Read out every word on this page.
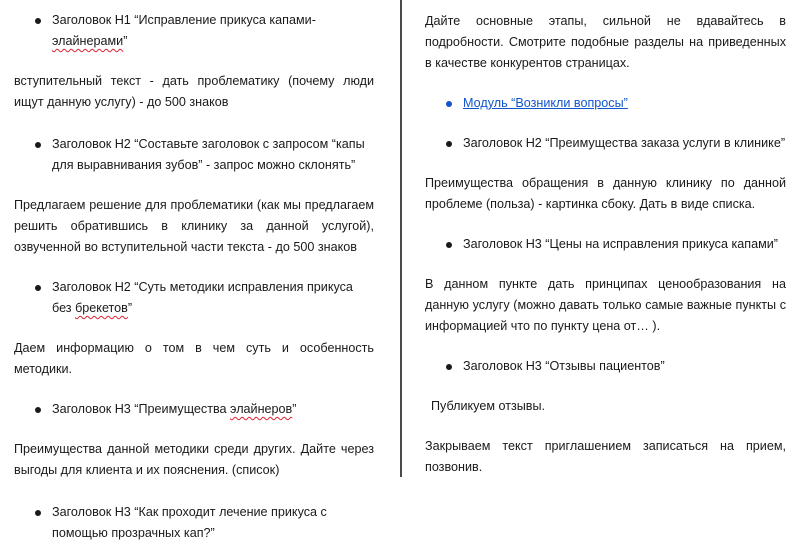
Заголовок H1 “Исправление прикуса капами-элайнерами”

вступительный текст - дать проблематику (почему люди ищут данную услугу) - до 500 знаков

Заголовок H2 “Составьте заголовок с запросом “капы для выравнивания зубов” - запрос можно склонять”

Предлагаем решение для проблематики (как мы предлагаем решить обратившись в клинику за данной услугой), озвученной во вступительной части текста - до 500 знаков

Заголовок H2 “Суть методики исправления прикуса без брекетов”

Даем информацию о том в чем суть и особенность методики.

Заголовок H3 “Преимущества элайнеров”

Преимущества данной методики среди других. Дайте через выгоды для клиента и их пояснения. (список)

Заголовок H3 “Как проходит лечение прикуса с помощью прозрачных кап?”

Дайте основные этапы, сильной не вдавайтесь в подробности. Смотрите подобные разделы на приведенных в качестве конкурентов страницах.

Модуль “Возникли вопросы”
Заголовок H2 “Преимущества заказа услуги в клинике”

Преимущества обращения в данную клинику по данной проблеме (польза) - картинка сбоку. Дать в виде списка.

Заголовок H3 “Цены на исправления прикуса капами”

В данном пункте дать принципах ценообразования на данную услугу (можно давать только самые важные пункты с информацией что по пункту цена от… ).

Заголовок H3 “Отзывы пациентов”

Публикуем отзывы.

Закрываем текст приглашением записаться на прием, позвонив.
